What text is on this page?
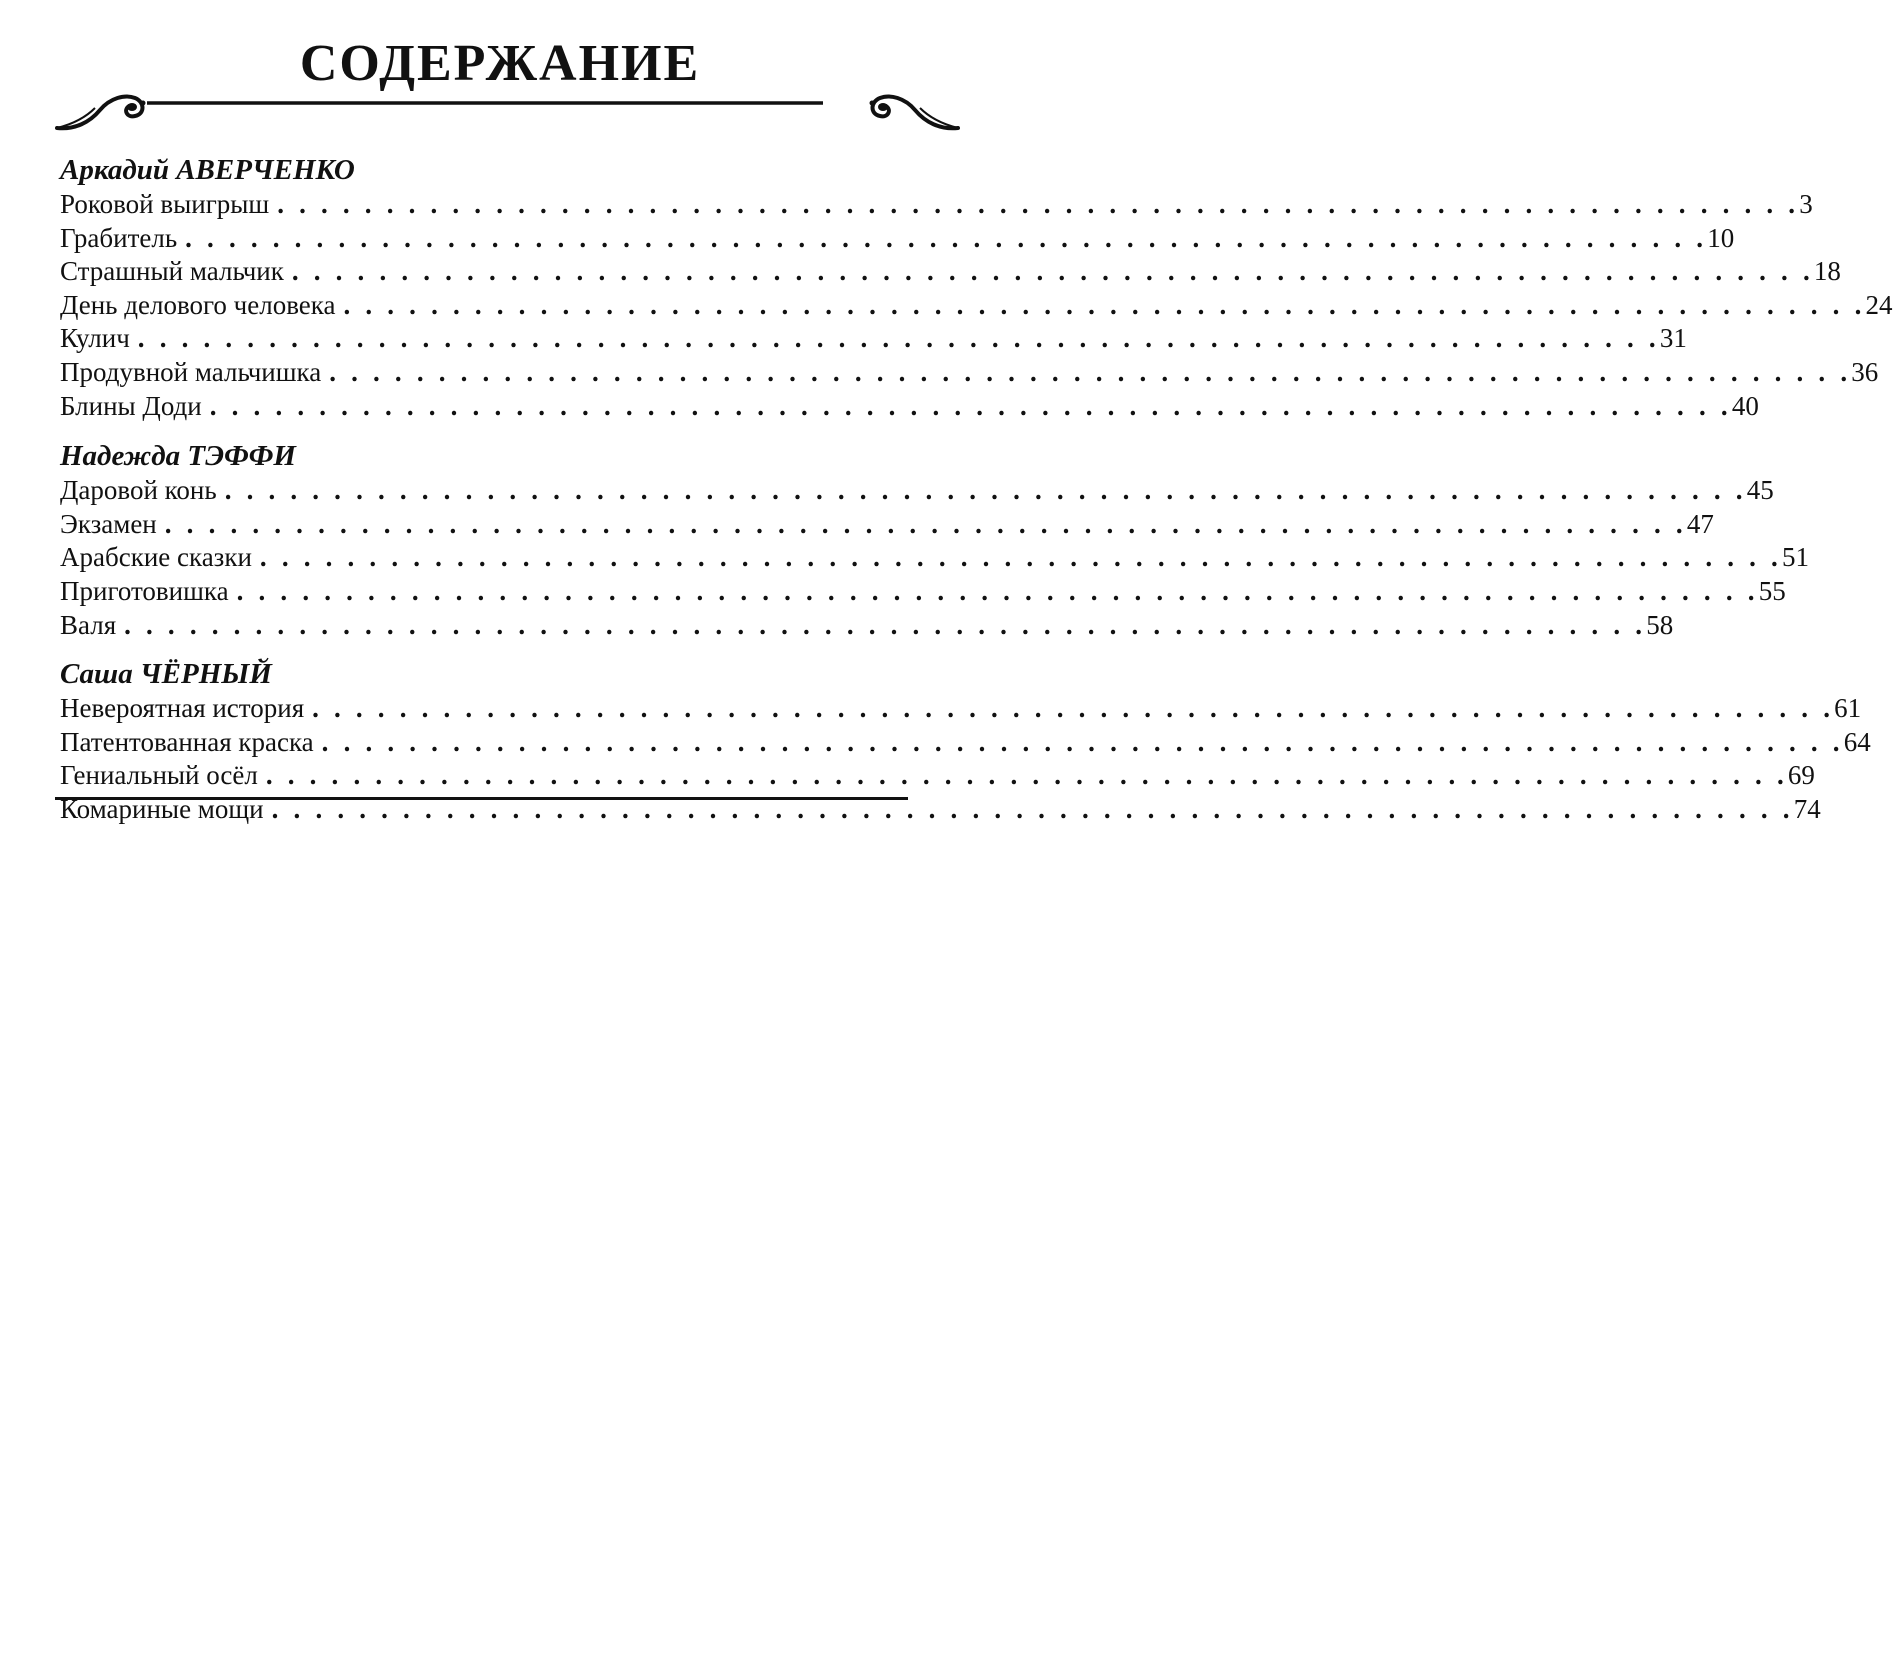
СОДЕРЖАНИЕ
Аркадий АВЕРЧЕНКО
Роковой выигрыш . . . . . . . . . . . . . . . . . . . . . . . . . . . . . . . . . . . . . . . . . . . . . . . . . . . . . . . . . . . . . . . . . . . . . . 3
Грабитель . . . . . . . . . . . . . . . . . . . . . . . . . . . . . . . . . . . . . . . . . . . . . . . . . . . . . . . . . . . . . . . . . . . . . . 10
Страшный мальчик . . . . . . . . . . . . . . . . . . . . . . . . . . . . . . . . . . . . . . . . . . . . . . . . . . . . . . . . . . . . . . . . . . . . . . 18
День делового человека . . . . . . . . . . . . . . . . . . . . . . . . . . . . . . . . . . . . . . . . . . . . . . . . . . . . . . . . . . . . . . . . . . . . . . 24
Кулич . . . . . . . . . . . . . . . . . . . . . . . . . . . . . . . . . . . . . . . . . . . . . . . . . . . . . . . . . . . . . . . . . . . . . . 31
Продувной мальчишка . . . . . . . . . . . . . . . . . . . . . . . . . . . . . . . . . . . . . . . . . . . . . . . . . . . . . . . . . . . . . . . . . . . . . . 36
Блины Доди . . . . . . . . . . . . . . . . . . . . . . . . . . . . . . . . . . . . . . . . . . . . . . . . . . . . . . . . . . . . . . . . . . . . . . 40
Надежда ТЭФФИ
Даровой конь . . . . . . . . . . . . . . . . . . . . . . . . . . . . . . . . . . . . . . . . . . . . . . . . . . . . . . . . . . . . . . . . . . . . . . 45
Экзамен . . . . . . . . . . . . . . . . . . . . . . . . . . . . . . . . . . . . . . . . . . . . . . . . . . . . . . . . . . . . . . . . . . . . . . 47
Арабские сказки . . . . . . . . . . . . . . . . . . . . . . . . . . . . . . . . . . . . . . . . . . . . . . . . . . . . . . . . . . . . . . . . . . . . . . 51
Приготовишка . . . . . . . . . . . . . . . . . . . . . . . . . . . . . . . . . . . . . . . . . . . . . . . . . . . . . . . . . . . . . . . . . . . . . . 55
Валя . . . . . . . . . . . . . . . . . . . . . . . . . . . . . . . . . . . . . . . . . . . . . . . . . . . . . . . . . . . . . . . . . . . . . . 58
Саша ЧЁРНЫЙ
Невероятная история . . . . . . . . . . . . . . . . . . . . . . . . . . . . . . . . . . . . . . . . . . . . . . . . . . . . . . . . . . . . . . . . . . . . . . 61
Патентованная краска . . . . . . . . . . . . . . . . . . . . . . . . . . . . . . . . . . . . . . . . . . . . . . . . . . . . . . . . . . . . . . . . . . . . . . 64
Гениальный осёл . . . . . . . . . . . . . . . . . . . . . . . . . . . . . . . . . . . . . . . . . . . . . . . . . . . . . . . . . . . . . . . . . . . . . . 69
Комариные мощи . . . . . . . . . . . . . . . . . . . . . . . . . . . . . . . . . . . . . . . . . . . . . . . . . . . . . . . . . . . . . . . . . . . . . . 74
